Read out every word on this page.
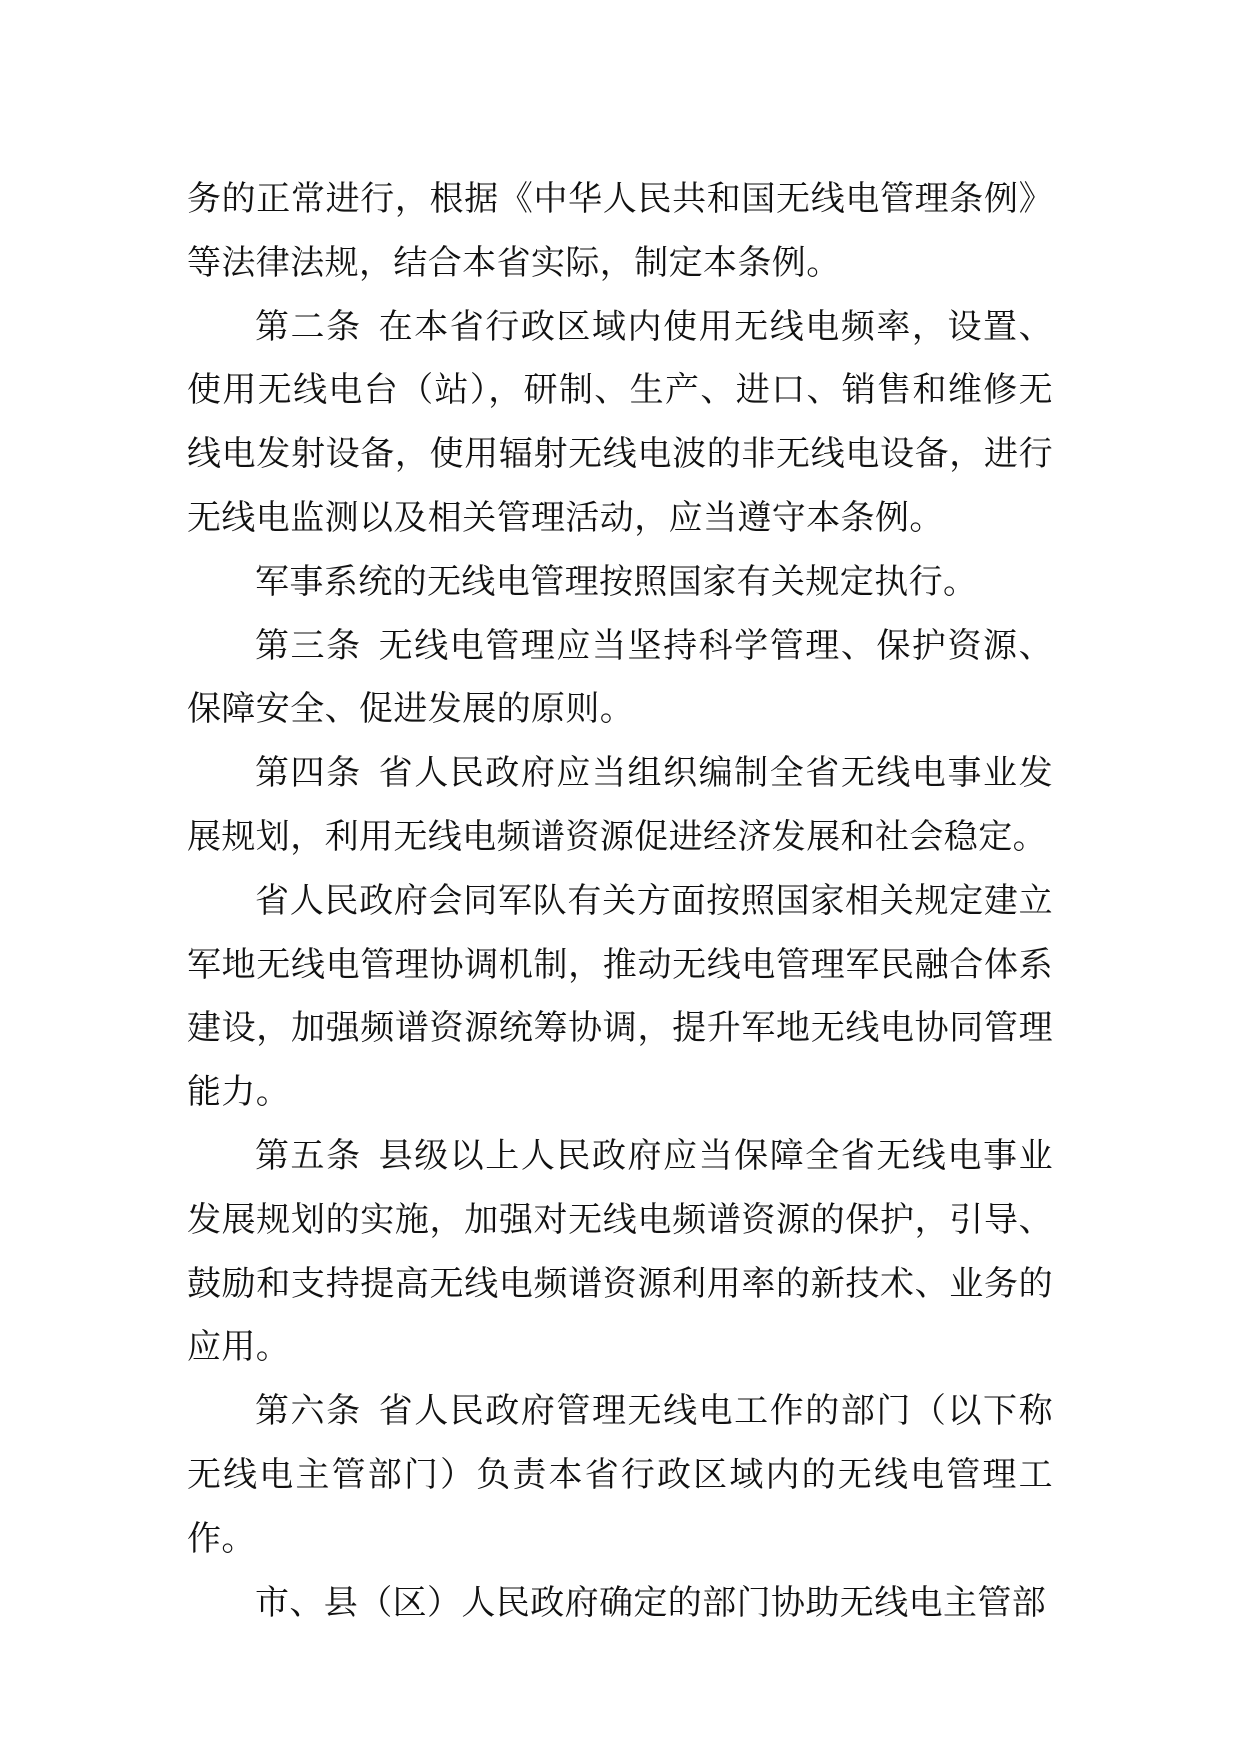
务的正常进行，根据《中华人民共和国无线电管理条例》等法律法规，结合本省实际，制定本条例。

第二条 在本省行政区域内使用无线电频率，设置、使用无线电台（站），研制、生产、进口、销售和维修无线电发射设备，使用辐射无线电波的非无线电设备，进行无线电监测以及相关管理活动，应当遵守本条例。

军事系统的无线电管理按照国家有关规定执行。

第三条 无线电管理应当坚持科学管理、保护资源、保障安全、促进发展的原则。

第四条 省人民政府应当组织编制全省无线电事业发展规划，利用无线电频谱资源促进经济发展和社会稳定。

省人民政府会同军队有关方面按照国家相关规定建立军地无线电管理协调机制，推动无线电管理军民融合体系建设，加强频谱资源统筹协调，提升军地无线电协同管理能力。

第五条 县级以上人民政府应当保障全省无线电事业发展规划的实施，加强对无线电频谱资源的保护，引导、鼓励和支持提高无线电频谱资源利用率的新技术、业务的应用。

第六条 省人民政府管理无线电工作的部门（以下称无线电主管部门）负责本省行政区域内的无线电管理工作。

市、县（区）人民政府确定的部门协助无线电主管部
